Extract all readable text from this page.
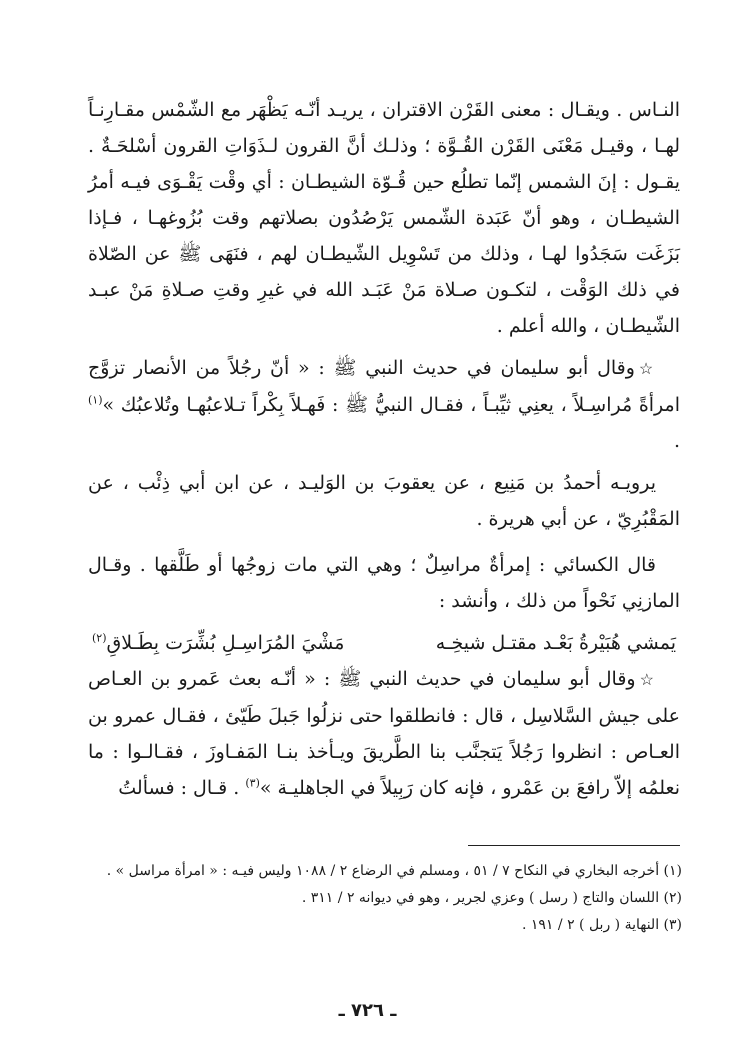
النـاس . ويقـال : معنى القَرْن الاقتران ، يريـد أنّـه يَظْهَر مع الشّمْس مقـارِنـاً لهـا ، وقيـل مَعْنَى القَرْن القُـوَّة ؛ وذلـك أنَّ القرون لـذَوَاتِ القرون أسْلحَـةٌ . يقـول : إنَ الشمس إنّما تطلُع حين قُـوّة الشيطـان : أي وقْت يَقْـوَى فيـه أمرُ الشيطـان ، وهو أنّ عَبَدة الشّمس يَرْصُدُون بصلاتهم وقت بُزُوغهـا ، فـإذا بَزَغَت سَجَدُوا لهـا ، وذلك من تَسْوِيل الشّيطـان لهم ، فنَهَى ﷺ عن الصّلاة في ذلك الوَقْت ، لتكـون صـلاة مَنْ عَبَـد الله في غيرِ وقتِ صـلاةِ مَنْ عبـد الشّيطـان ، والله أعلم .

☆وقال أبو سليمان في حديث النبي ﷺ : « أنّ رجُلاً من الأنصار تزوَّج امرأةً مُراسِـلاً ، يعنِي ثيِّبـاً ، فقـال النبيُّ ﷺ : فَهـلاً بِكْراً تـلاعبُهـا وتُلاعبُك »$^{(١)}$ .

يرويـه أحمدُ بن مَنِيع ، عن يعقوبَ بن الوَليـد ، عن ابن أبي ذِئْب ، عن المَقْبُرِيّ ، عن أبي هريرة .

قال الكسائي : إمرأةٌ مراسِلٌ ؛ وهي التي مات زوجُها أو طَلَّقها . وقـال المازنِي نَحْواً من ذلك ، وأنشد :

يَمشي هُبَيْرةُ بَعْـد مقتـل شيخِـه
مَشْيَ المُرَاسِـلِ بُشِّرَت بِطَـلاقِ$^{(٢)}$

☆وقال أبو سليمان في حديث النبي ﷺ : « أنّـه بعث عَمرو بن العـاص على جيش السَّلاسِل ، قال : فانطلقوا حتى نزلُوا جَبلَ طَيّئ ، فقـال عمرو بن العـاص : انظروا رَجُلاً يَتجنَّب بنا الطَّريقَ ويـأخذ بنـا المَفـاوزَ ، فقـالـوا : ما نعلمُه إلاّ رافعَ بن عَمْرو ، فإنه كان رَبِيلاً في الجاهليـة »$^{(٣)}$ . قـال : فسألتُ

(١) أخرجه البخاري في النكاح ٧ / ٥١ ، ومسلم في الرضاع ٢ / ١٠٨٨ وليس فيـه : « امرأة مراسل » .

(٢) اللسان والتاج ( رسل ) وعزي لجرير ، وهو في ديوانه ٢ / ٣١١ .

(٣) النهاية ( ربل ) ٢ / ١٩١ .

ـ ٧٢٦ ـ
